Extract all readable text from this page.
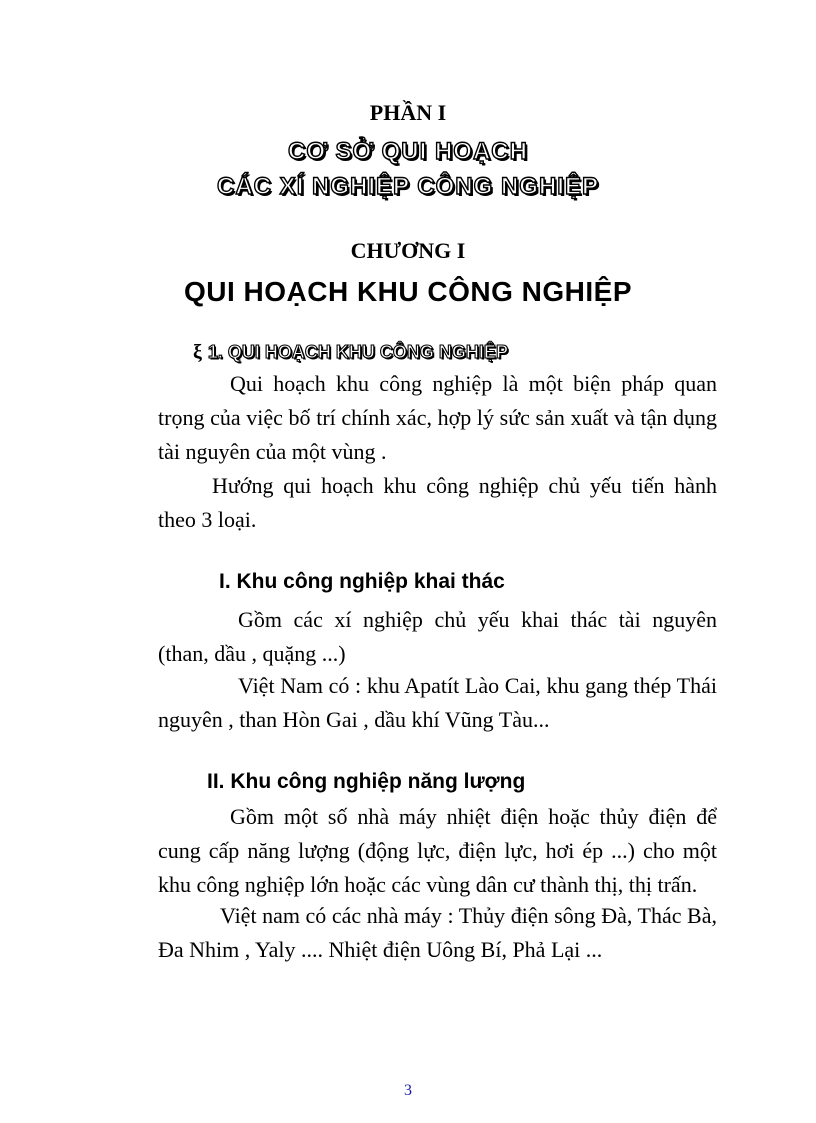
PHẦN I
CƠ SỞ QUI HOẠCH
CÁC XÍ NGHIỆP CÔNG NGHIỆP
CHƯƠNG I
QUI HOẠCH KHU CÔNG NGHIỆP
ξ 1. QUI HOẠCH KHU CÔNG NGHIỆP

Qui hoạch khu công nghiệp là một biện pháp quan trọng của việc bố trí chính xác, hợp lý sức sản xuất và tận dụng tài nguyên của một vùng .

Hướng qui hoạch khu công nghiệp chủ yếu tiến hành theo 3 loại.

I. Khu công nghiệp khai thác

Gồm các xí nghiệp chủ yếu khai thác tài nguyên (than, dầu , quặng ...)

Việt Nam có : khu Apatít Lào Cai, khu gang thép Thái nguyên , than Hòn Gai , dầu khí Vũng Tàu...

II. Khu công nghiệp năng lượng

Gồm một số nhà máy nhiệt điện hoặc thủy điện để cung cấp năng lượng (động lực, điện lực, hơi ép ...) cho một khu công nghiệp lớn hoặc các vùng dân cư thành thị, thị trấn.

Việt nam có các nhà máy : Thủy điện sông Đà, Thác Bà, Đa Nhim , Yaly .... Nhiệt điện Uông Bí, Phả Lại ...

3
